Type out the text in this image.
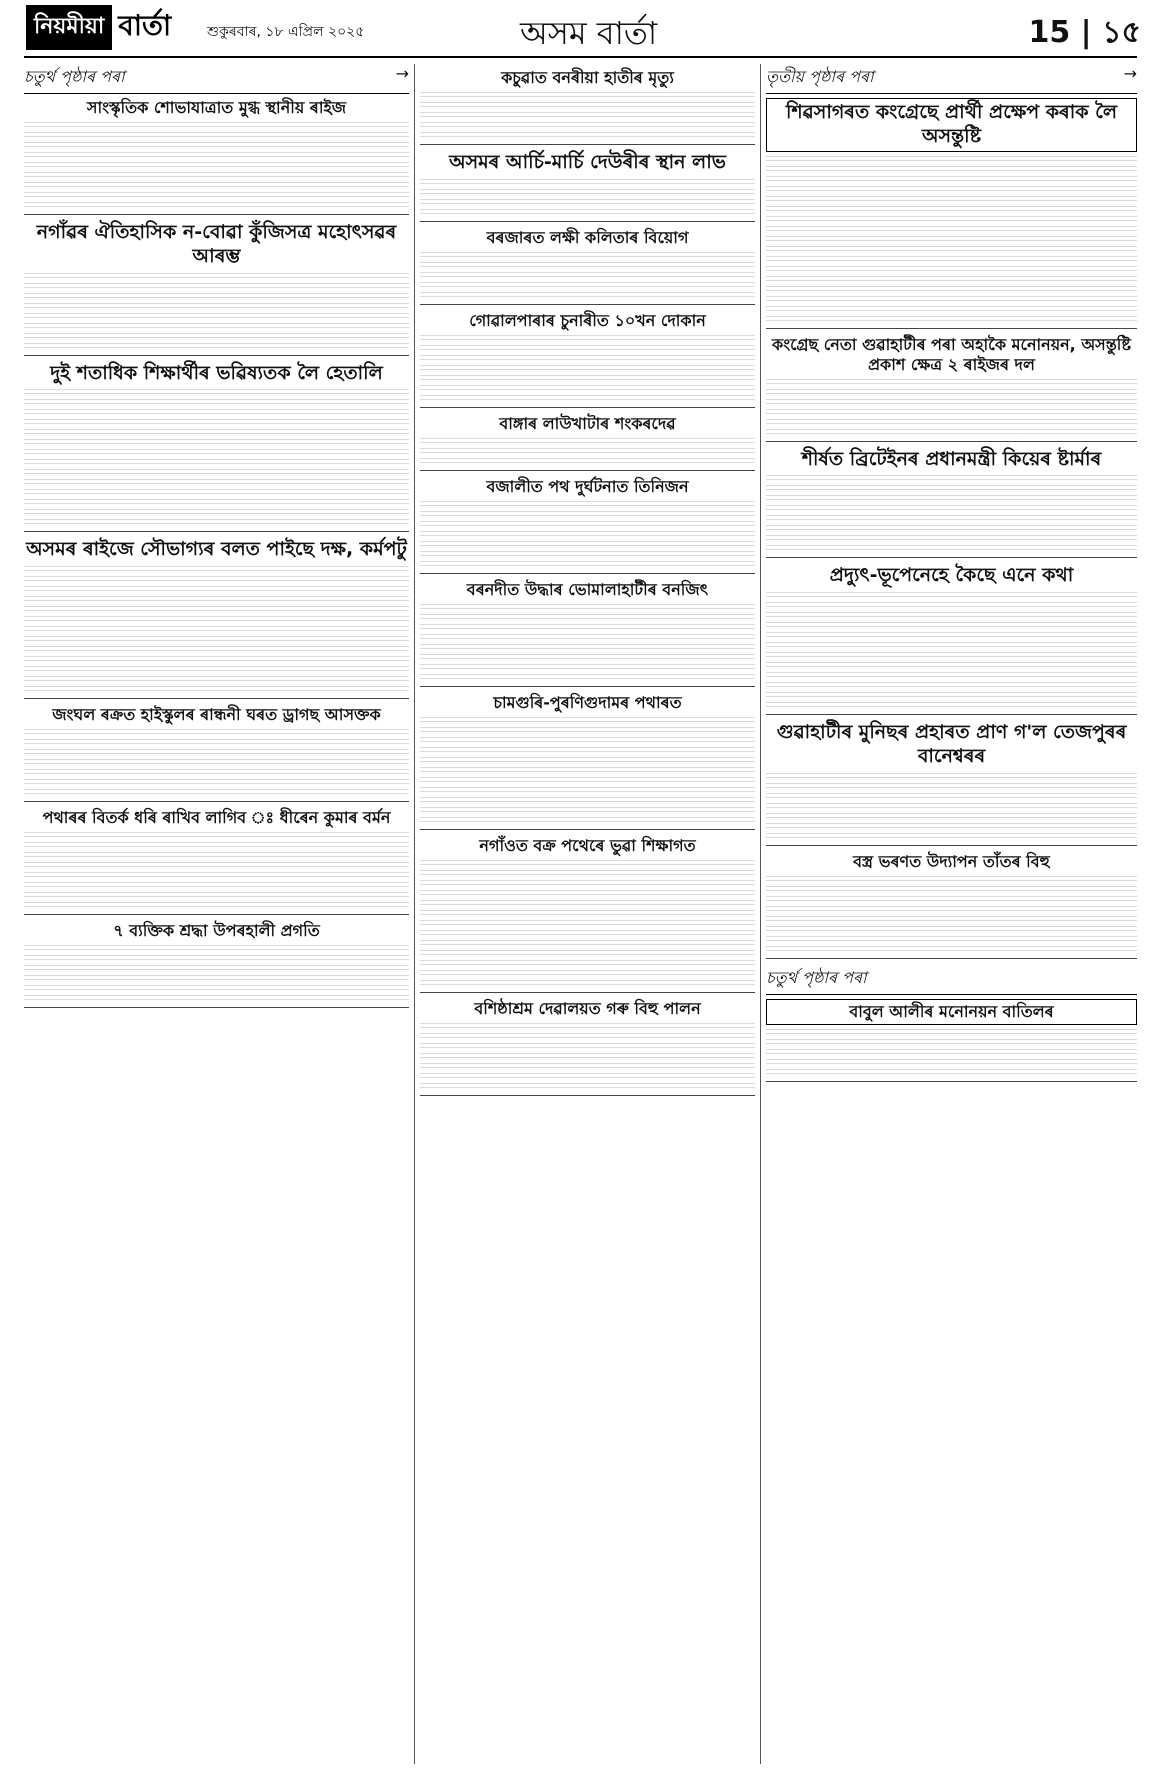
নিয়মীয়া বাৰ্তা	শুকুৰবাৰ, ১৮ এপ্ৰিল ২০২৫	অসম বাৰ্তা	15 | ১৫
চতুৰ্থ পৃষ্ঠাৰ পৰা	→
সাংস্কৃতিক শোভাযাত্ৰাত মুগ্ধ স্থানীয় ৰাইজ
নগাঁৱৰ ঐতিহাসিক ন-বোৱা কুঁজিসত্ৰ মহোৎসৱৰ আৰম্ভ
দুই শতাধিক শিক্ষাৰ্থীৰ ভৱিষ্যতক লৈ হেতালি
অসমৰ ৰাইজে সৌভাগ্যৰ বলত পাইছে দক্ষ, কৰ্মপটু
জংঘল ৰক্ৰত হাইস্কুলৰ ৰান্ধনী ঘৰত ড্ৰাগছ আসক্তক
পথাৰৰ বিতৰ্ক ধৰি ৰাখিব লাগিব ঃ ধীৰেন কুমাৰ বৰ্মন
৭ ব্যক্তিক শ্ৰদ্ধা উপৰহালী প্ৰগতি
কচুৱাত বনৰীয়া হাতীৰ মৃত্যু
অসমৰ আৰ্চি-মাৰ্চি দেউৰীৰ স্থান লাভ
বৰজাৰত লক্ষী কলিতাৰ বিয়োগ
গোৱালপাৰাৰ চুনাৰীত ১০খন দোকান
বাঙ্গাৰ লাউখাটাৰ শংকৰদেৱ
বজালীত পথ দুৰ্ঘটনাত তিনিজন
বৰনদীত উদ্ধাৰ ভোমালাহাটীৰ বনজিৎ
চামগুৰি-পুৰণিগুদামৰ পথাৰত
নগাঁওত বক্ৰ পথেৰে ভুৱা শিক্ষাগত
বশিষ্ঠাশ্ৰম দেৱালয়ত গৰু বিহু পালন
তৃতীয় পৃষ্ঠাৰ পৰা	→
শিৱসাগৰত কংগ্ৰেছে প্ৰাৰ্থী প্ৰক্ষেপ কৰাক লৈ অসন্তুষ্টি
কংগ্ৰেছ নেতা গুৱাহাটীৰ পৰা অহাকৈ মনোনয়ন, অসন্তুষ্টি প্ৰকাশ ক্ষেত্ৰ ২ ৰাইজৰ দল
শীৰ্ষত ব্ৰিটেইনৰ প্ৰধানমন্ত্ৰী কিয়েৰ ষ্টাৰ্মাৰ
প্ৰদ্যুৎ-ভূপেনেহে কৈছে এনে কথা
গুৱাহাটীৰ মুনিছৰ প্ৰহাৰত প্ৰাণ গ'ল তেজপুৰৰ বানেশ্বৰৰ
বস্ত্ৰ ভৰণত উদ্যাপন তাঁতৰ বিহু
চতুৰ্থ পৃষ্ঠাৰ পৰা
বাবুল আলীৰ মনোনয়ন বাতিলৰ
